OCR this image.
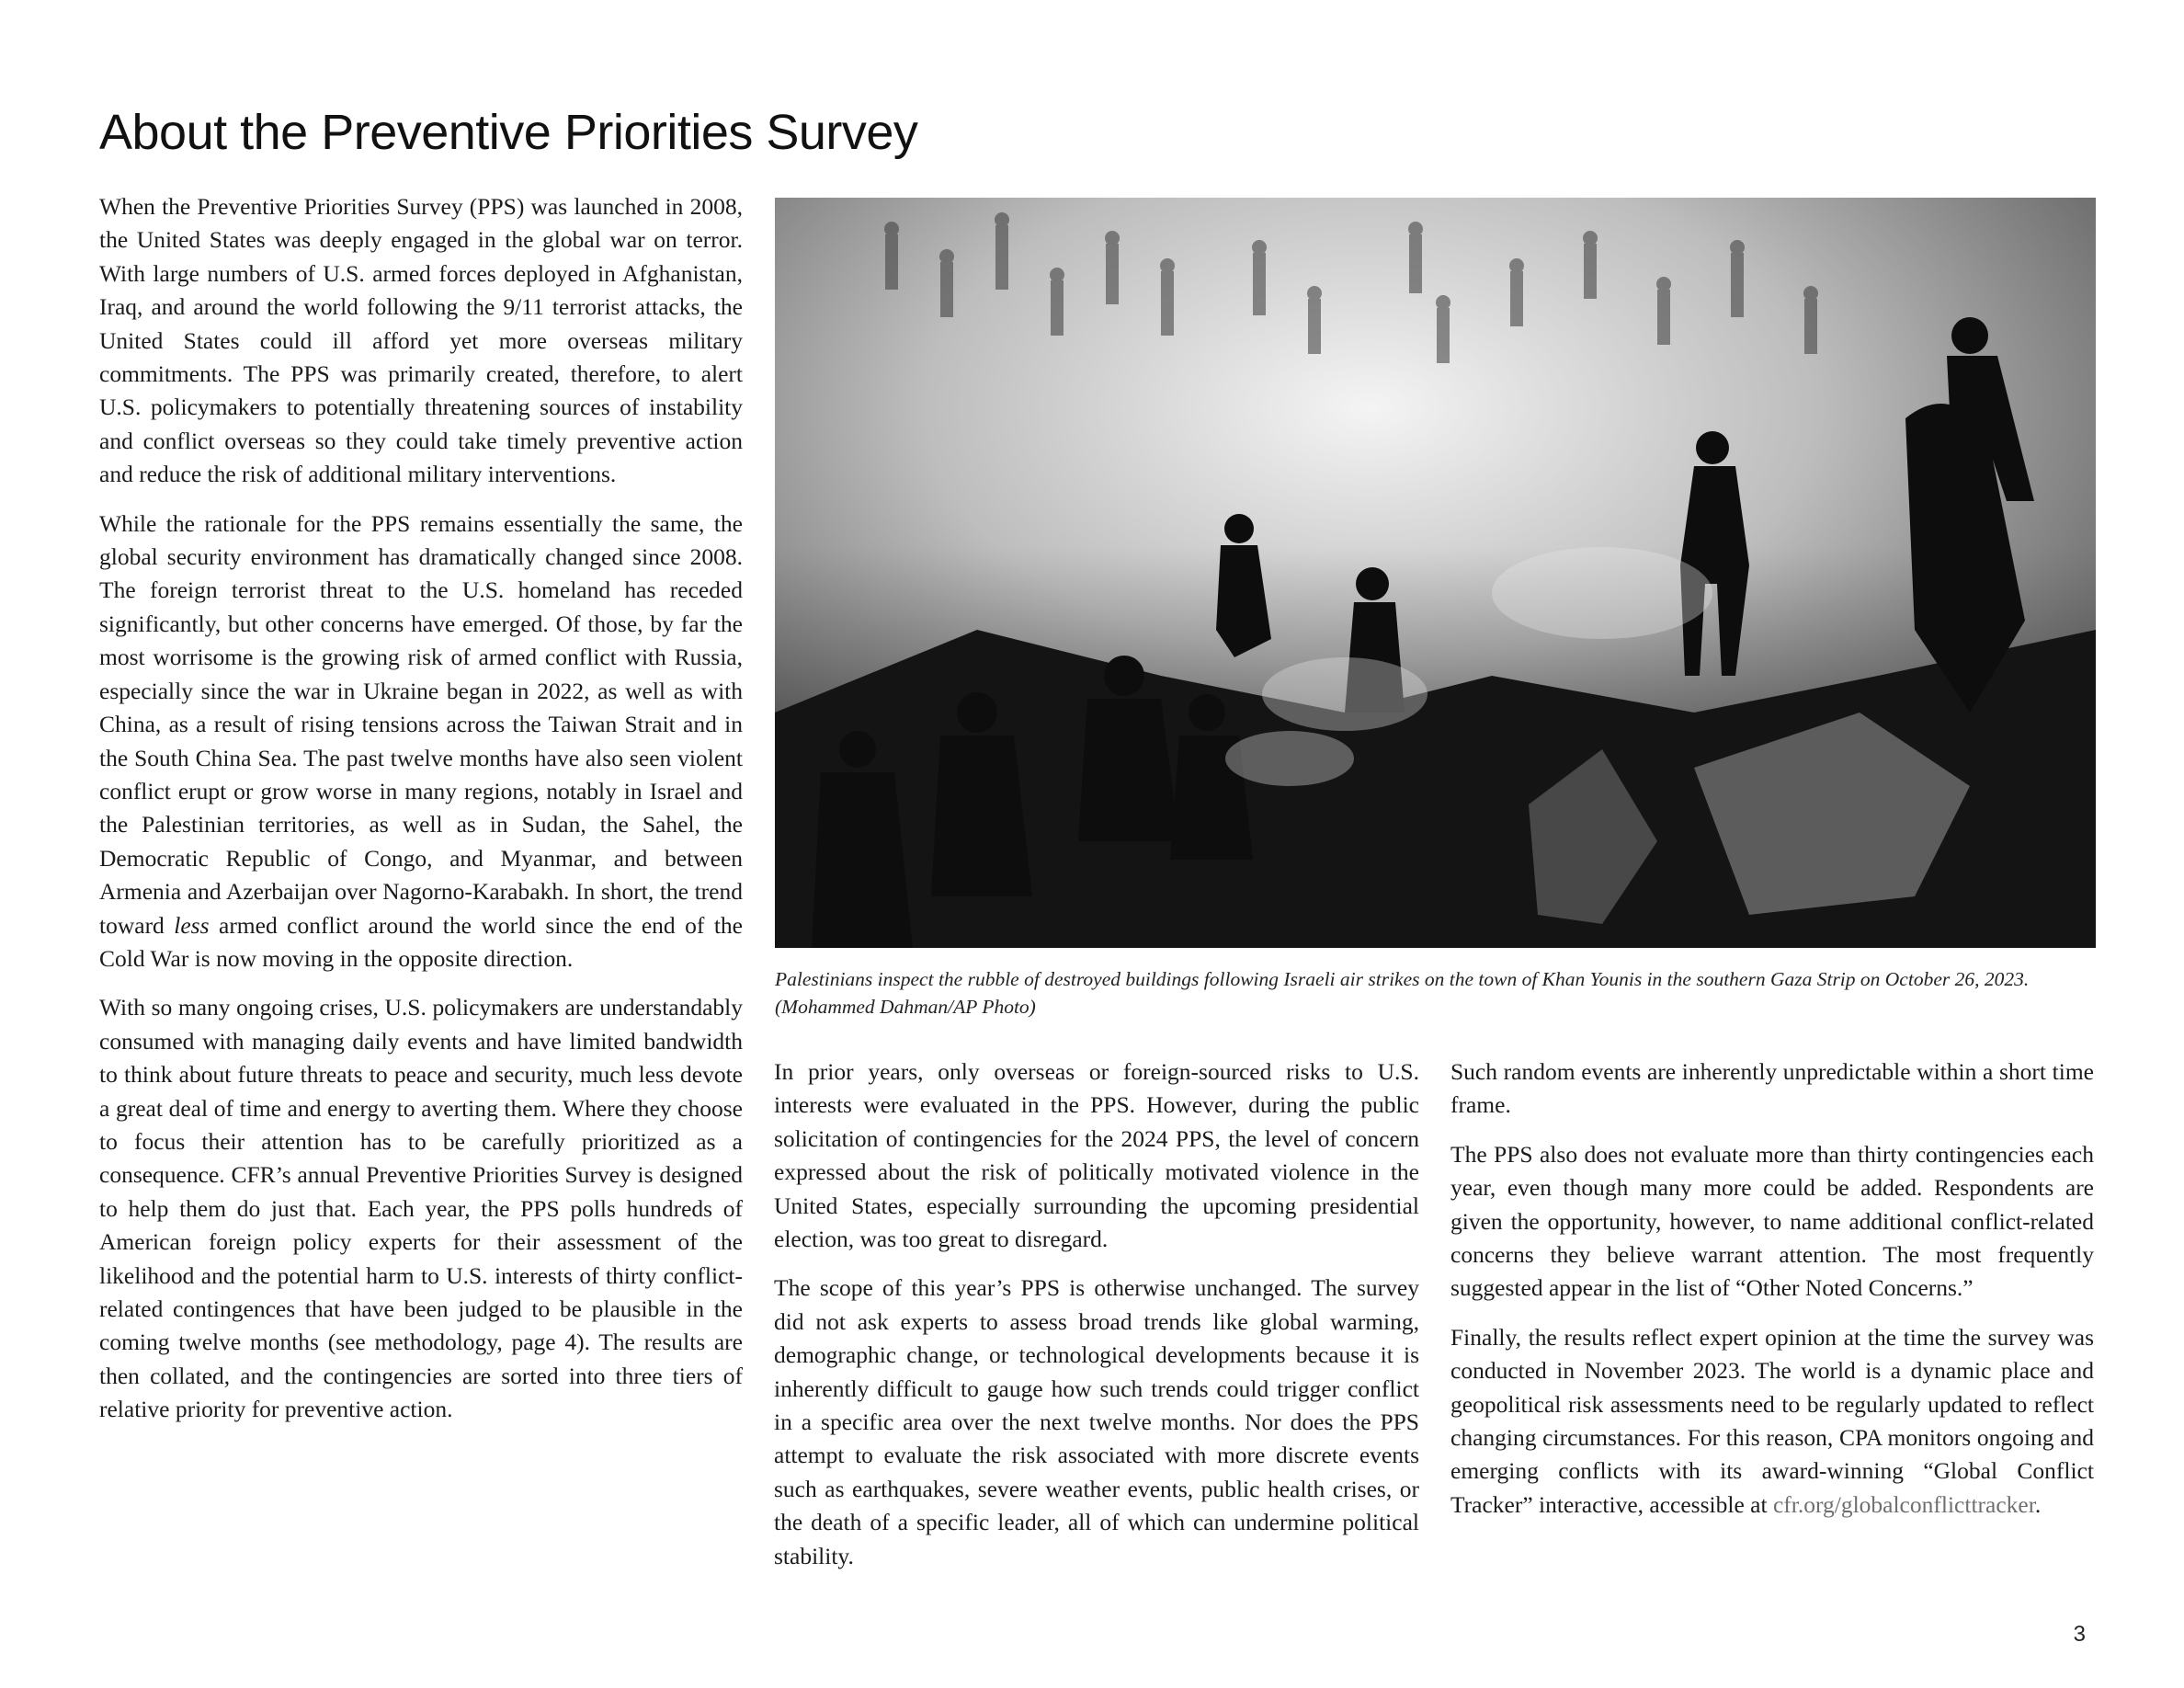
About the Preventive Priorities Survey

When the Preventive Priorities Survey (PPS) was launched in 2008, the United States was deeply engaged in the global war on terror. With large numbers of U.S. armed forces deployed in Afghanistan, Iraq, and around the world following the 9/11 terrorist attacks, the United States could ill afford yet more overseas military commitments. The PPS was primarily created, therefore, to alert U.S. policymakers to potentially threatening sources of instability and conflict overseas so they could take timely preventive action and reduce the risk of additional military interventions.

While the rationale for the PPS remains essentially the same, the global security environment has dramatically changed since 2008. The foreign terrorist threat to the U.S. homeland has receded significantly, but other concerns have emerged. Of those, by far the most worrisome is the growing risk of armed conflict with Russia, especially since the war in Ukraine began in 2022, as well as with China, as a result of rising tensions across the Taiwan Strait and in the South China Sea. The past twelve months have also seen violent conflict erupt or grow worse in many regions, notably in Israel and the Palestinian territories, as well as in Sudan, the Sahel, the Democratic Republic of Congo, and Myanmar, and between Armenia and Azerbaijan over Nagorno-Karabakh. In short, the trend toward less armed conflict around the world since the end of the Cold War is now moving in the opposite direction.

With so many ongoing crises, U.S. policymakers are understandably consumed with managing daily events and have limited bandwidth to think about future threats to peace and security, much less devote a great deal of time and energy to averting them. Where they choose to focus their attention has to be carefully prioritized as a consequence. CFR’s annual Preventive Priorities Survey is designed to help them do just that. Each year, the PPS polls hundreds of American foreign policy experts for their assessment of the likelihood and the potential harm to U.S. interests of thirty conflict-related contingences that have been judged to be plausible in the coming twelve months (see methodology, page 4). The results are then collated, and the contingencies are sorted into three tiers of relative priority for preventive action.

Palestinians inspect the rubble of destroyed buildings following Israeli air strikes on the town of Khan Younis in the southern Gaza Strip on October 26, 2023. (Mohammed Dahman/AP Photo)

In prior years, only overseas or foreign-sourced risks to U.S. interests were evaluated in the PPS. However, during the public solicitation of contingencies for the 2024 PPS, the level of concern expressed about the risk of politically motivated violence in the United States, especially surrounding the upcoming presidential election, was too great to disregard.

The scope of this year’s PPS is otherwise unchanged. The survey did not ask experts to assess broad trends like global warming, demographic change, or technological developments because it is inherently difficult to gauge how such trends could trigger conflict in a specific area over the next twelve months. Nor does the PPS attempt to evaluate the risk associated with more discrete events such as earthquakes, severe weather events, public health crises, or the death of a specific leader, all of which can undermine political stability.

Such random events are inherently unpredictable within a short time frame.

The PPS also does not evaluate more than thirty contingencies each year, even though many more could be added. Respondents are given the opportunity, however, to name additional conflict-related concerns they believe warrant attention. The most frequently suggested appear in the list of “Other Noted Concerns.”

Finally, the results reflect expert opinion at the time the survey was conducted in November 2023. The world is a dynamic place and geopolitical risk assessments need to be regularly updated to reflect changing circumstances. For this reason, CPA monitors ongoing and emerging conflicts with its award-winning “Global Conflict Tracker” interactive, accessible at cfr.org/globalconflicttracker.

3
